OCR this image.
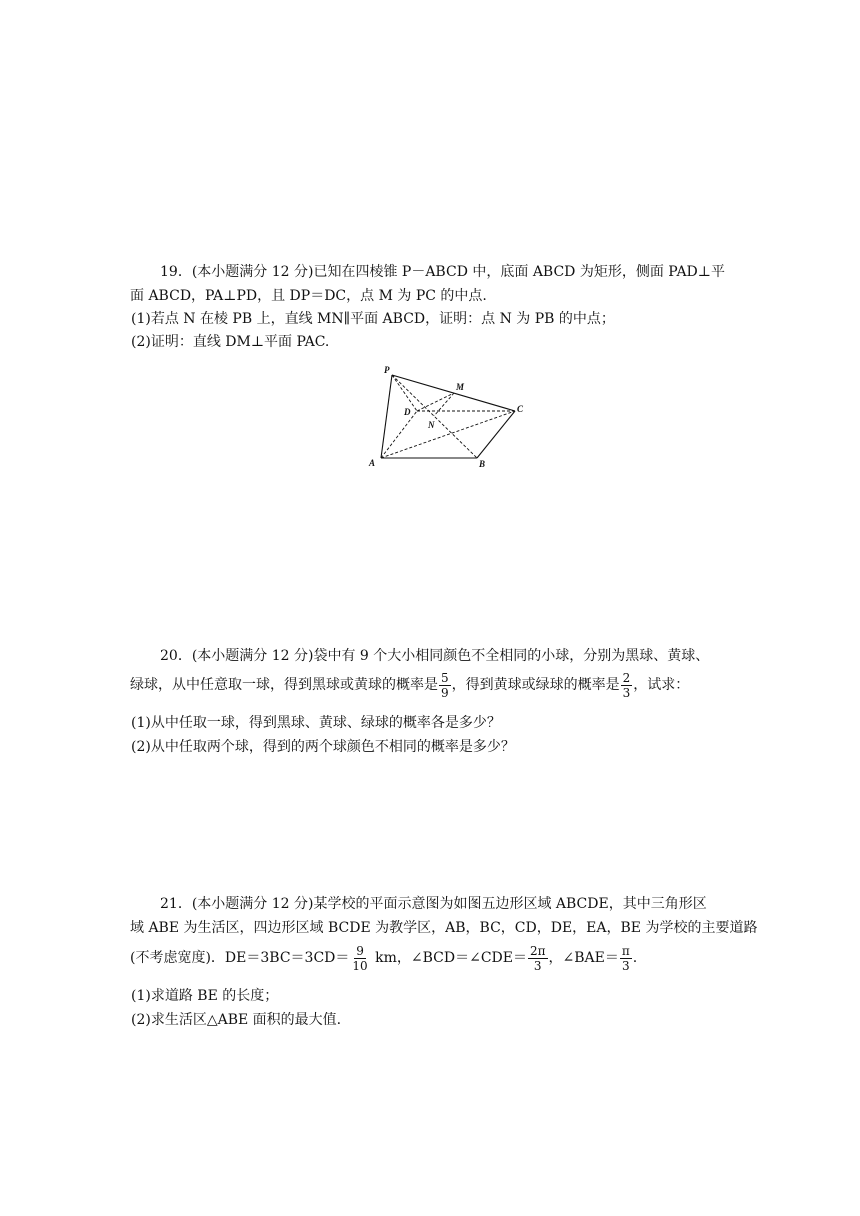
19．(本小题满分 12 分)已知在四棱锥 P－ABCD 中，底面 ABCD 为矩形，侧面 PAD⊥平
面 ABCD，PA⊥PD，且 DP＝DC，点 M 为 PC 的中点.
(1)若点 N 在棱 PB 上，直线 MN∥平面 ABCD，证明：点 N 为 PB 的中点；
(2)证明：直线 DM⊥平面 PAC.
P
M
D	C
N
A	B
20．(本小题满分 12 分)袋中有 9 个大小相同颜色不全相同的小球，分别为黑球、黄球、
绿球，从中任意取一球，得到黑球或黄球的概率是 $\frac{5}{9}$ ，得到黄球或绿球的概率是 $\frac{2}{3}$ ，试求：
(1)从中任取一球，得到黑球、黄球、绿球的概率各是多少？
(2)从中任取两个球，得到的两个球颜色不相同的概率是多少？
21．(本小题满分 12 分)某学校的平面示意图为如图五边形区域 ABCDE，其中三角形区
域 ABE 为生活区，四边形区域 BCDE 为教学区，AB，BC，CD，DE，EA，BE 为学校的主要道路
(不考虑宽度)．$DE=3BC=3CD= \frac{9}{10}$ km，∠BCD＝∠CDE＝ $\frac{2\pi}{3}$ ，∠BAE＝ $\frac{\pi}{3}$ .
(1)求道路 BE 的长度；
(2)求生活区△ABE 面积的最大值.
